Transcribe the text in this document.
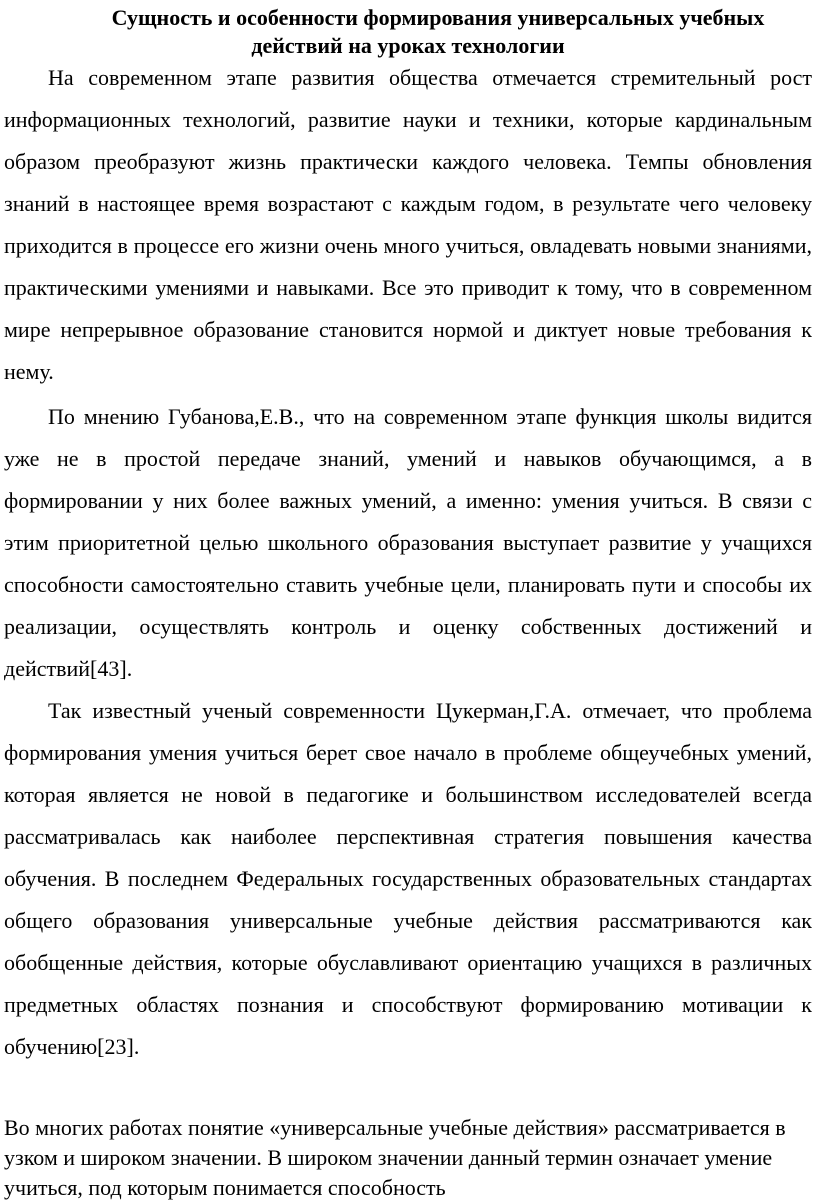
Сущность и особенности формирования универсальных учебных
действий на уроках технологии

На современном этапе развития общества отмечается стремительный рост информационных технологий, развитие науки и техники, которые кардинальным образом преобразуют жизнь практически каждого человека. Темпы обновления знаний в настоящее время возрастают с каждым годом, в результате чего человеку приходится в процессе его жизни очень много учиться, овладевать новыми знаниями, практическими умениями и навыками. Все это приводит к тому, что в современном мире непрерывное образование становится нормой и диктует новые требования к нему.

По мнению Губанова,Е.В., что на современном этапе функция школы видится уже не в простой передаче знаний, умений и навыков обучающимся, а в формировании у них более важных умений, а именно: умения учиться. В связи с этим приоритетной целью школьного образования выступает развитие у учащихся способности самостоятельно ставить учебные цели, планировать пути и способы их реализации, осуществлять контроль и оценку собственных достижений и действий[43].

Так известный ученый современности Цукерман,Г.А. отмечает, что проблема формирования умения учиться берет свое начало в проблеме общеучебных умений, которая является не новой в педагогике и большинством исследователей всегда рассматривалась как наиболее перспективная стратегия повышения качества обучения. В последнем Федеральных государственных образовательных стандартах общего образования универсальные учебные действия рассматриваются как обобщенные действия, которые обуславливают ориентацию учащихся в различных предметных областях познания и способствуют формированию мотивации к обучению[23].

Во многих работах понятие «универсальные учебные действия» рассматривается в узком и широком значении. В широком значении данный термин означает умение учиться, под которым понимается способность
